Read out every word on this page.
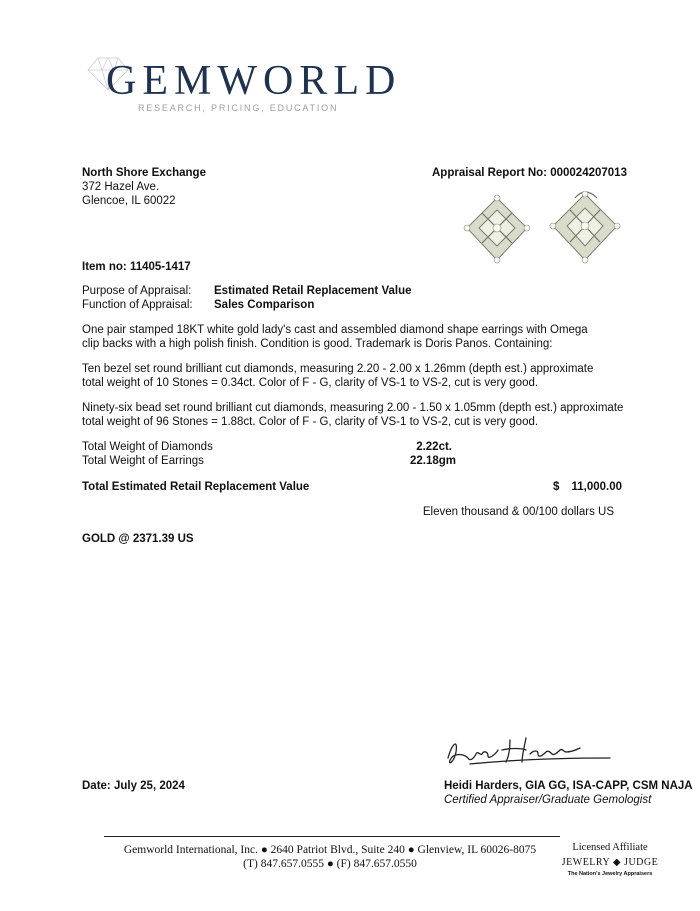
GEMWORLD
RESEARCH, PRICING, EDUCATION
North Shore Exchange
372 Hazel Ave.
Glencoe, IL 60022
Appraisal Report No: 000024207013
Item no: 11405-1417
Purpose of Appraisal: Estimated Retail Replacement Value
Function of Appraisal: Sales Comparison
One pair stamped 18KT white gold lady's cast and assembled diamond shape earrings with Omega
clip backs with a high polish finish. Condition is good. Trademark is Doris Panos. Containing:
Ten bezel set round brilliant cut diamonds, measuring 2.20 - 2.00 x 1.26mm (depth est.) approximate
total weight of 10 Stones = 0.34ct. Color of F - G, clarity of VS-1 to VS-2, cut is very good.
Ninety-six bead set round brilliant cut diamonds, measuring 2.00 - 1.50 x 1.05mm (depth est.) approximate
total weight of 96 Stones = 1.88ct. Color of F - G, clarity of VS-1 to VS-2, cut is very good.
Total Weight of Diamonds	2.22ct.
Total Weight of Earrings	22.18gm
Total Estimated Retail Replacement Value	$	11,000.00
Eleven thousand & 00/100 dollars US
GOLD @ 2371.39 US
Date: July 25, 2024	Heidi Harders, GIA GG, ISA-CAPP, CSM NAJA
Certified Appraiser/Graduate Gemologist
Gemworld International, Inc. ● 2640 Patriot Blvd., Suite 240 ● Glenview, IL 60026-8075
(T) 847.657.0555 ● (F) 847.657.0550
Licensed Affiliate
JEWELRY ◆ JUDGE
The Nation's Jewelry Appraisers
